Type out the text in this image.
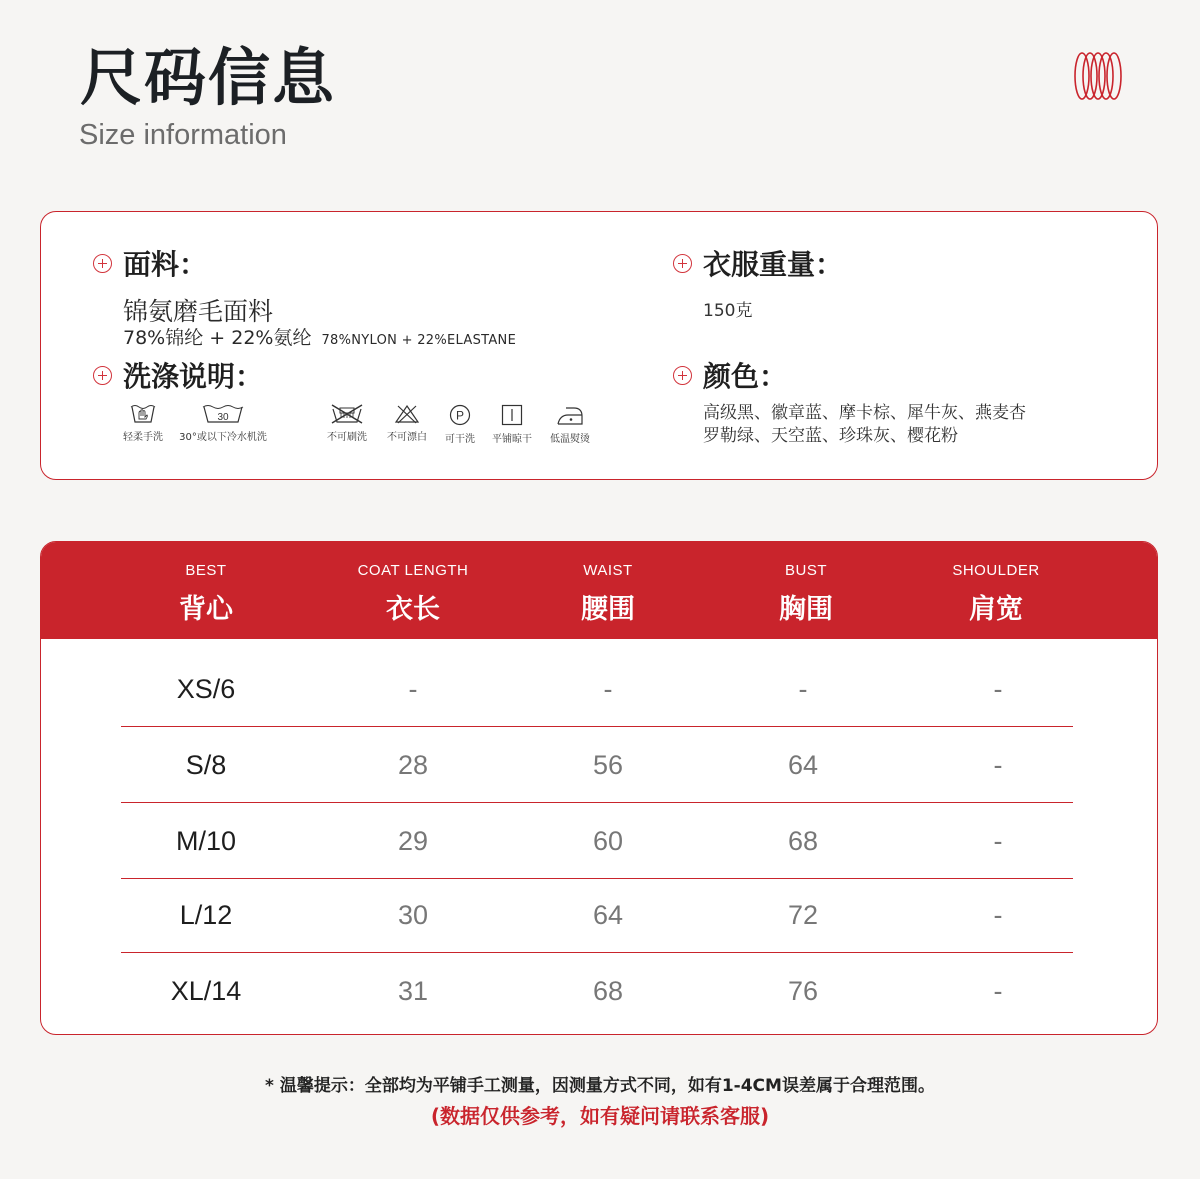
尺码信息
Size information
面料：
锦氨磨毛面料
78%锦纶 + 22%氨纶 78%NYLON + 22%ELASTANE
衣服重量：
150克
洗涤说明：
轻柔手洗
30
30°或以下冷水机洗	不可刷洗	不可漂白
P
可干洗	平铺晾干	低温熨烫
颜色：
高级黑、徽章蓝、摩卡棕、犀牛灰、燕麦杏
罗勒绿、天空蓝、珍珠灰、樱花粉
BEST
背心
COAT LENGTH
衣长
WAIST
腰围
BUST
胸围
SHOULDER
肩宽
XS/6	-	-	-	-
S/8	28	56	64	-
M/10	29	60	68	-
L/12	30	64	72	-
XL/14	31	68	76	-
* 温馨提示：全部均为平铺手工测量，因测量方式不同，如有1-4CM误差属于合理范围。
(数据仅供参考，如有疑问请联系客服)
